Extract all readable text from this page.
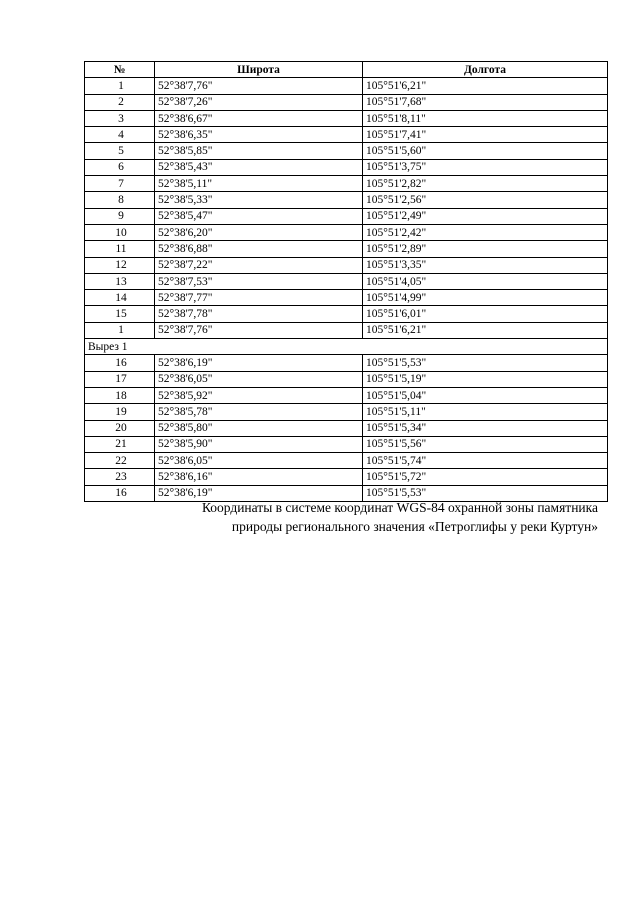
№	Широта	Долгота
1	52°38'7,76"	105°51'6,21"
2	52°38'7,26"	105°51'7,68"
3	52°38'6,67"	105°51'8,11"
4	52°38'6,35"	105°51'7,41"
5	52°38'5,85"	105°51'5,60"
6	52°38'5,43"	105°51'3,75"
7	52°38'5,11"	105°51'2,82"
8	52°38'5,33"	105°51'2,56"
9	52°38'5,47"	105°51'2,49"
10	52°38'6,20"	105°51'2,42"
11	52°38'6,88"	105°51'2,89"
12	52°38'7,22"	105°51'3,35"
13	52°38'7,53"	105°51'4,05"
14	52°38'7,77"	105°51'4,99"
15	52°38'7,78"	105°51'6,01"
1	52°38'7,76"	105°51'6,21"
Вырез 1		
16	52°38'6,19"	105°51'5,53"
17	52°38'6,05"	105°51'5,19"
18	52°38'5,92"	105°51'5,04"
19	52°38'5,78"	105°51'5,11"
20	52°38'5,80"	105°51'5,34"
21	52°38'5,90"	105°51'5,56"
22	52°38'6,05"	105°51'5,74"
23	52°38'6,16"	105°51'5,72"
16	52°38'6,19"	105°51'5,53"
Координаты в системе координат WGS-84 охранной зоны памятника
природы регионального значения «Петроглифы у реки Куртун»
